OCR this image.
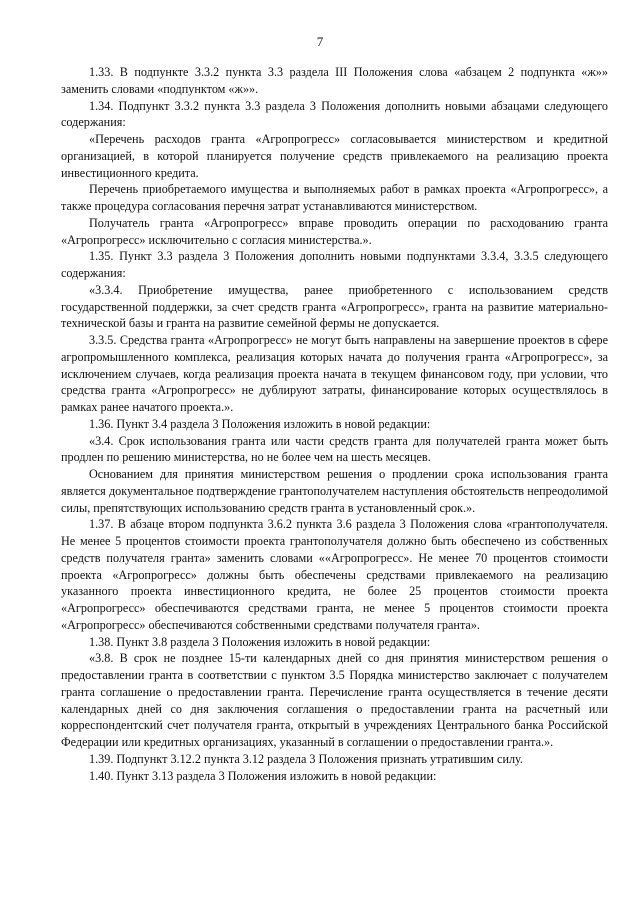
7

1.33. В подпункте 3.3.2 пункта 3.3 раздела III Положения слова «абзацем 2 подпункта «ж»» заменить словами «подпунктом «ж»».

1.34. Подпункт 3.3.2 пункта 3.3 раздела 3 Положения дополнить новыми абзацами следующего содержания:

«Перечень расходов гранта «Агропрогресс» согласовывается министерством и кредитной организацией, в которой планируется получение средств привлекаемого на реализацию проекта инвестиционного кредита.

Перечень приобретаемого имущества и выполняемых работ в рамках проекта «Агропрогресс», а также процедура согласования перечня затрат устанавливаются министерством.

Получатель гранта «Агропрогресс» вправе проводить операции по расходованию гранта «Агропрогресс» исключительно с согласия министерства.».

1.35. Пункт 3.3 раздела 3 Положения дополнить новыми подпунктами 3.3.4, 3.3.5 следующего содержания:

«3.3.4. Приобретение имущества, ранее приобретенного с использованием средств государственной поддержки, за счет средств гранта «Агропрогресс», гранта на развитие материально-технической базы и гранта на развитие семейной фермы не допускается.

3.3.5. Средства гранта «Агропрогресс» не могут быть направлены на завершение проектов в сфере агропромышленного комплекса, реализация которых начата до получения гранта «Агропрогресс», за исключением случаев, когда реализация проекта начата в текущем финансовом году, при условии, что средства гранта «Агропрогресс» не дублируют затраты, финансирование которых осуществлялось в рамках ранее начатого проекта.».

1.36. Пункт 3.4 раздела 3 Положения изложить в новой редакции:

«3.4. Срок использования гранта или части средств гранта для получателей гранта может быть продлен по решению министерства, но не более чем на шесть месяцев.

Основанием для принятия министерством решения о продлении срока использования гранта является документальное подтверждение грантополучателем наступления обстоятельств непреодолимой силы, препятствующих использованию средств гранта в установленный срок.».

1.37. В абзаце втором подпункта 3.6.2 пункта 3.6 раздела 3 Положения слова «грантополучателя. Не менее 5 процентов стоимости проекта грантополучателя должно быть обеспечено из собственных средств получателя гранта» заменить словами ««Агропрогресс». Не менее 70 процентов стоимости проекта «Агропрогресс» должны быть обеспечены средствами привлекаемого на реализацию указанного проекта инвестиционного кредита, не более 25 процентов стоимости проекта «Агропрогресс» обеспечиваются средствами гранта, не менее 5 процентов стоимости проекта «Агропрогресс» обеспечиваются собственными средствами получателя гранта».

1.38. Пункт 3.8 раздела 3 Положения изложить в новой редакции:

«3.8. В срок не позднее 15-ти календарных дней со дня принятия министерством решения о предоставлении гранта в соответствии с пунктом 3.5 Порядка министерство заключает с получателем гранта соглашение о предоставлении гранта. Перечисление гранта осуществляется в течение десяти календарных дней со дня заключения соглашения о предоставлении гранта на расчетный или корреспондентский счет получателя гранта, открытый в учреждениях Центрального банка Российской Федерации или кредитных организациях, указанный в соглашении о предоставлении гранта.».

1.39. Подпункт 3.12.2 пункта 3.12 раздела 3 Положения признать утратившим силу.

1.40. Пункт 3.13 раздела 3 Положения изложить в новой редакции:
